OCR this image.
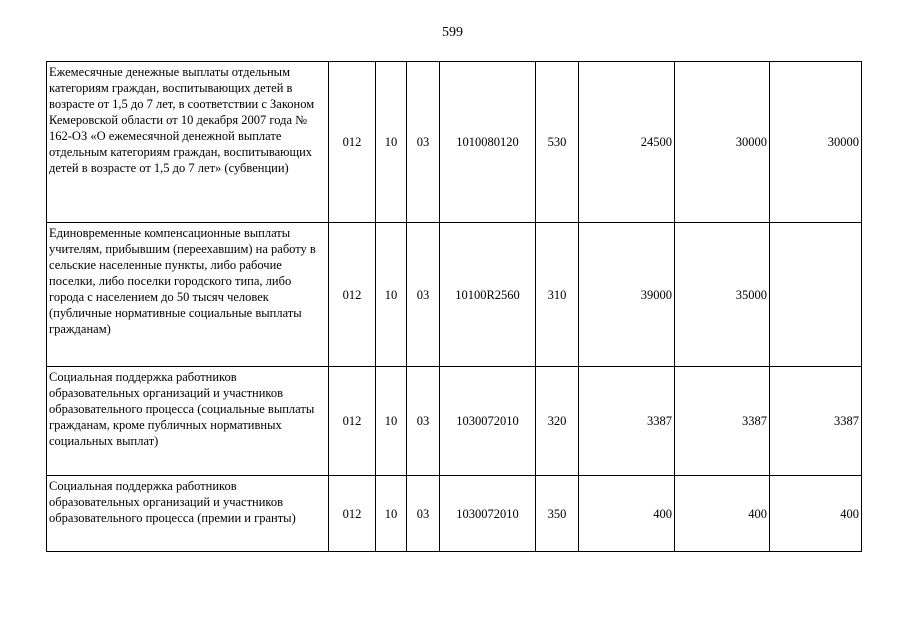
599
Ежемесячные денежные выплаты отдельным категориям граждан, воспитывающих детей в возрасте от 1,5 до 7 лет, в соответствии с Законом Кемеровской области от 10 декабря 2007 года № 162-ОЗ «О ежемесячной денежной выплате отдельным категориям граждан, воспитывающих детей в возрасте от 1,5 до 7 лет» (субвенции)	012	10	03	1010080120	530	24500	30000	30000
Единовременные компенсационные выплаты учителям, прибывшим (переехавшим) на работу в сельские населенные пункты, либо рабочие поселки, либо поселки городского типа, либо города с населением до 50 тысяч человек (публичные нормативные социальные выплаты гражданам)	012	10	03	10100R2560	310	39000	35000	
Социальная поддержка работников образовательных организаций и участников образовательного процесса (социальные выплаты гражданам, кроме публичных нормативных социальных выплат)	012	10	03	1030072010	320	3387	3387	3387
Социальная поддержка работников образовательных организаций и участников образовательного процесса (премии и гранты)	012	10	03	1030072010	350	400	400	400
